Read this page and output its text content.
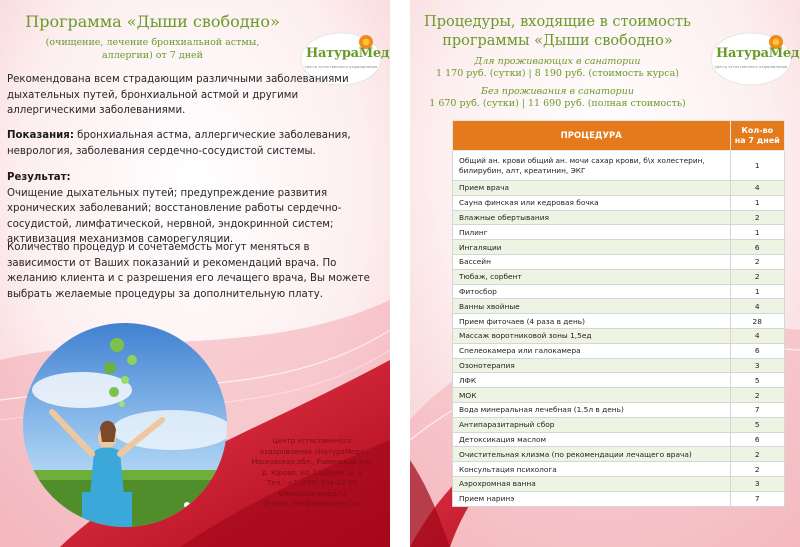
Программа «Дыши свободно»
(очищение, лечение бронхиальной астмы,
аллергии) от 7 дней	НатураМед
Центр естественного оздоровления
Рекомендована всем страдающим различными заболеваниями дыхательных путей, бронхиальной астмой и другими аллергическими заболеваниями.
Показания: бронхиальная астма, аллергические заболевания, неврология, заболевания сердечно-сосудистой системы.
Результат:
Очищение дыхательных путей; предупреждение развития хронических заболеваний; восстановление работы сердечно-сосудистой, лимфатической, нервной, эндокринной систем; активизация механизмов саморегуляции.
Количество процедур и сочетаемость могут меняться в зависимости от Ваших показаний и рекомендаций врача. По желанию клиента и с разрешения его лечащего врача, Вы можете выбрать желаемые процедуры за дополнительную плату.
Центр естественного
оздоровления «НатураМед»
Московская обл., Раменский р-н,
д. Юрово, ул. Садовая, д. 1
Тел.: +7 (495) 504-32-20
www.naturamed.ru
E-mail: info@naturamed.ru
Процедуры, входящие в стоимость
программы «Дыши свободно»
НатураМед
Центр естественного оздоровления
Для проживающих в санатории
1 170 руб. (сутки) | 8 190 руб. (стоимость курса)
Без проживания в санатории
1 670 руб. (сутки) | 11 690 руб. (полная стоимость)
ПРОЦЕДУРА	Кол-во
на 7 дней

Общий ан. крови общий ан. мочи сахар крови, б\х холестерин, билирубин, алт, креатинин, ЭКГ	1
Прием врача	4
Сауна финская или кедровая бочка	1
Влажные обертывания	2
Пилинг	1
Ингаляции	6
Бассейн	2
Тюбаж, сорбент	2
Фитосбор	1
Ванны хвойные	4
Прием фиточаев (4 раза в день)	28
Массаж воротниковой зоны 1,5ед	4
Спелеокамера или галокамера	6
Озонотерапия	3
ЛФК	5
МОК	2
Вода минеральная лечебная (1.5л в день)	7
Антипаразитарный сбор	5
Детоксикация маслом	6
Очистительная клизма (по рекомендации лечащего врача)	2
Консультация психолога	2
Аэрохромная ванна	3
Прием наринэ	7
